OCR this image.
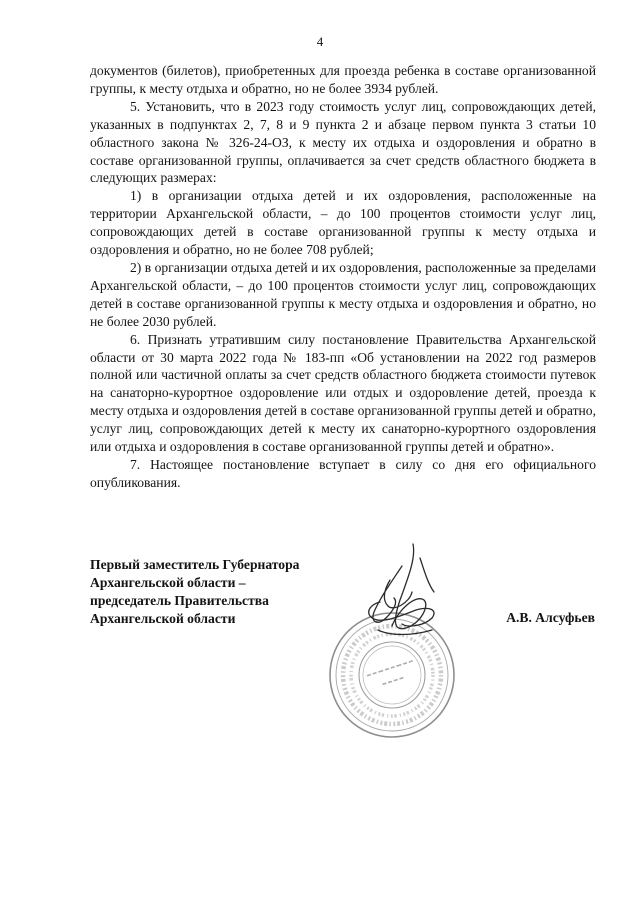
4

документов (билетов), приобретенных для проезда ребенка в составе организованной группы, к месту отдыха и обратно, но не более 3934 рублей.

5. Установить, что в 2023 году стоимость услуг лиц, сопровождающих детей, указанных в подпунктах 2, 7, 8 и 9 пункта 2 и абзаце первом пункта 3 статьи 10 областного закона № 326-24-ОЗ, к месту их отдыха и оздоровления и обратно в составе организованной группы, оплачивается за счет средств областного бюджета в следующих размерах:

1) в организации отдыха детей и их оздоровления, расположенные на территории Архангельской области, – до 100 процентов стоимости услуг лиц, сопровождающих детей в составе организованной группы к месту отдыха и оздоровления и обратно, но не более 708 рублей;

2) в организации отдыха детей и их оздоровления, расположенные за пределами Архангельской области, – до 100 процентов стоимости услуг лиц, сопровождающих детей в составе организованной группы к месту отдыха и оздоровления и обратно, но не более 2030 рублей.

6. Признать утратившим силу постановление Правительства Архангельской области от 30 марта 2022 года № 183-пп «Об установлении на 2022 год размеров полной или частичной оплаты за счет средств областного бюджета стоимости путевок на санаторно-курортное оздоровление или отдых и оздоровление детей, проезда к месту отдыха и оздоровления детей в составе организованной группы детей и обратно, услуг лиц, сопровождающих детей к месту их санаторно-курортного оздоровления или отдыха и оздоровления в составе организованной группы детей и обратно».

7. Настоящее постановление вступает в силу со дня его официального опубликования.

Первый заместитель Губернатора
Архангельской области –
председатель Правительства
Архангельской области	А.В. Алсуфьев
